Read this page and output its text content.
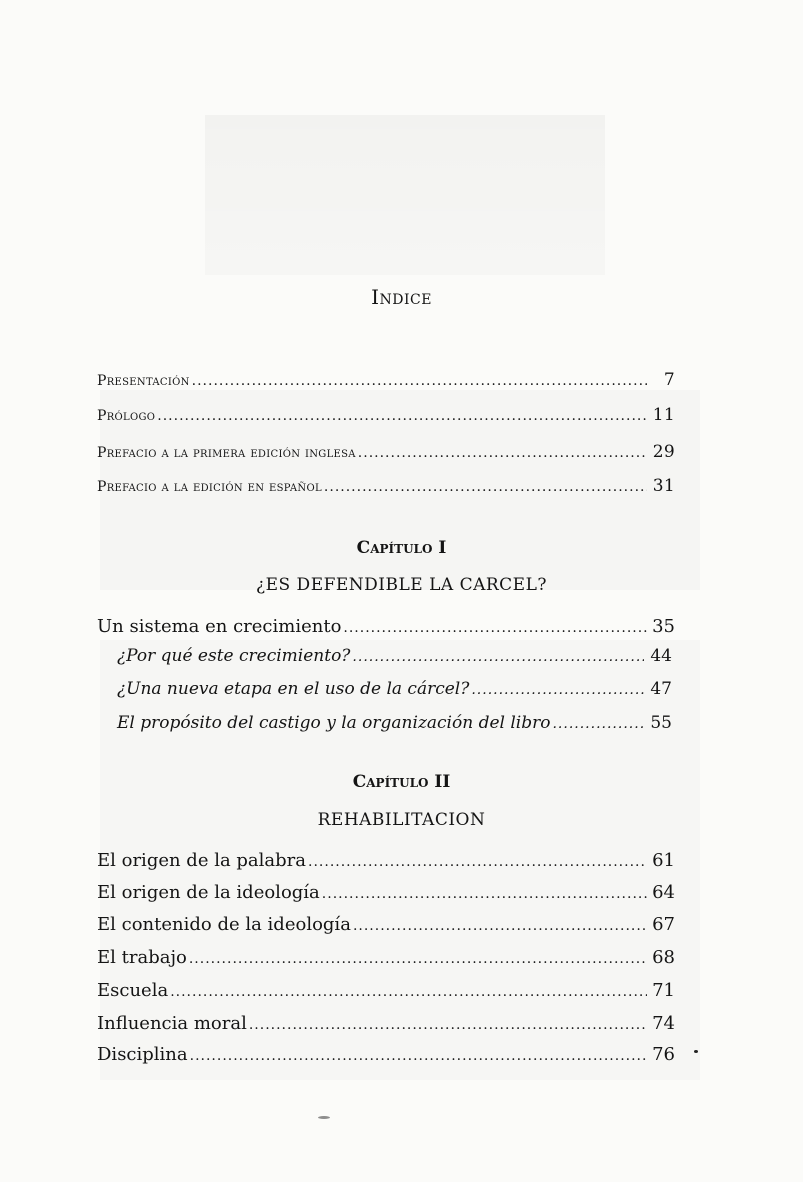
Indice
Presentación .....	7
Prólogo .....	11
Prefacio a la primera edición inglesa .....	29
Prefacio a la edición en español .....	31
Capítulo I
¿ES DEFENDIBLE LA CARCEL?
Un sistema en crecimiento .....	35
¿Por qué este crecimiento? .....	44
¿Una nueva etapa en el uso de la cárcel? .....	47
El propósito del castigo y la organización del libro .....	55
Capítulo II
REHABILITACION
El origen de la palabra .....	61
El origen de la ideología .....	64
El contenido de la ideología .....	67
El trabajo .....	68
Escuela .....	71
Influencia moral .....	74
Disciplina .....	76
